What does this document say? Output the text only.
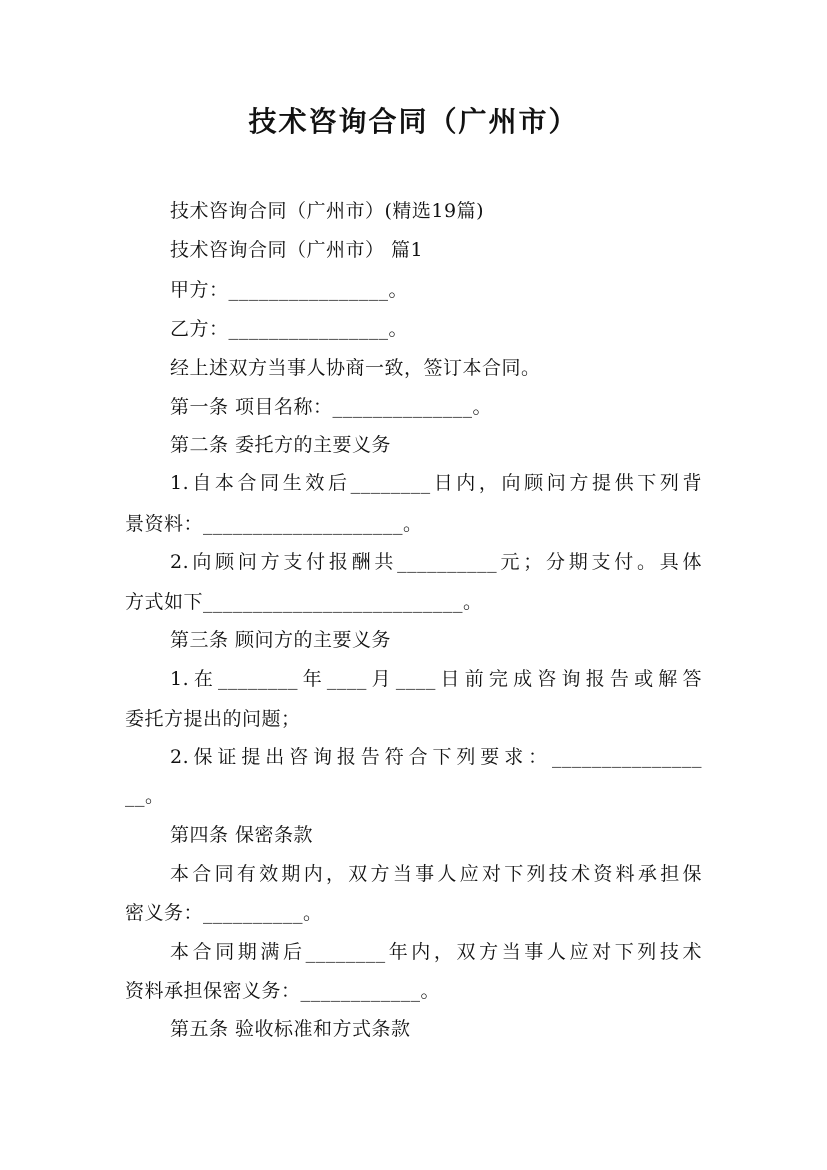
技术咨询合同（广州市）
技术咨询合同（广州市）(精选19篇)
技术咨询合同（广州市） 篇1
甲方：________________。
乙方：________________。
经上述双方当事人协商一致，签订本合同。
第一条 项目名称：______________。
第二条 委托方的主要义务
1.自本合同生效后________日内，向顾问方提供下列背
景资料：____________________。
2.向顾问方支付报酬共__________元；分期支付。具体
方式如下__________________________。
第三条 顾问方的主要义务
1.在________年____月____日前完成咨询报告或解答
委托方提出的问题；
2.保证提出咨询报告符合下列要求：_______________
__。
第四条 保密条款
本合同有效期内，双方当事人应对下列技术资料承担保
密义务：__________。
本合同期满后________年内，双方当事人应对下列技术
资料承担保密义务：____________。
第五条 验收标准和方式条款
